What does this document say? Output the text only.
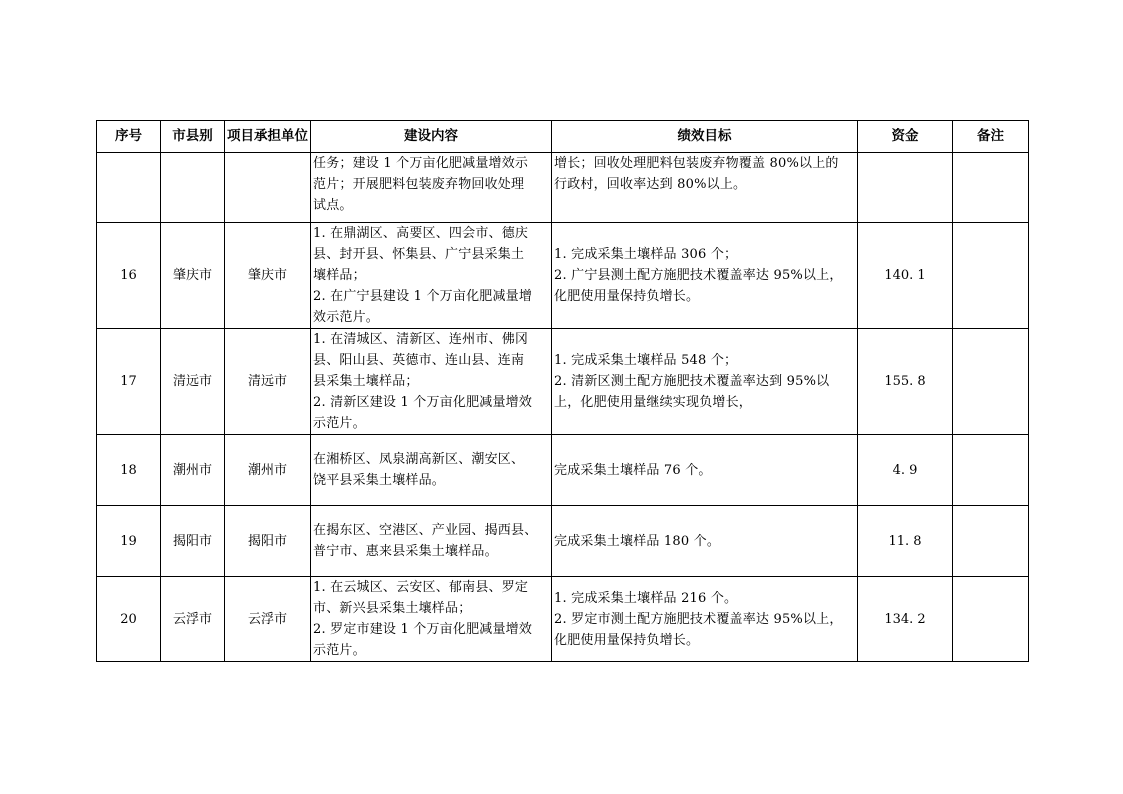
序号	市县别	项目承担单位	建设内容	绩效目标	资金	备注
			任务；建设 1 个万亩化肥减量增效示
范片；开展肥料包装废弃物回收处理
试点。	增长；回收处理肥料包装废弃物覆盖 80%以上的
行政村，回收率达到 80%以上。		
16	肇庆市	肇庆市	1. 在鼎湖区、高要区、四会市、德庆
县、封开县、怀集县、广宁县采集土
壤样品；
2. 在广宁县建设 1 个万亩化肥减量增
效示范片。	1. 完成采集土壤样品 306 个；
2. 广宁县测土配方施肥技术覆盖率达 95%以上，
化肥使用量保持负增长。	140. 1	
17	清远市	清远市	1. 在清城区、清新区、连州市、佛冈
县、阳山县、英德市、连山县、连南
县采集土壤样品；
2. 清新区建设 1 个万亩化肥减量增效
示范片。	1. 完成采集土壤样品 548 个；
2. 清新区测土配方施肥技术覆盖率达到 95%以
上，化肥使用量继续实现负增长，	155. 8	
18	潮州市	潮州市	在湘桥区、凤泉湖高新区、潮安区、
饶平县采集土壤样品。	完成采集土壤样品 76 个。	4. 9	
19	揭阳市	揭阳市	在揭东区、空港区、产业园、揭西县、
普宁市、惠来县采集土壤样品。	完成采集土壤样品 180 个。	11. 8	
20	云浮市	云浮市	1. 在云城区、云安区、郁南县、罗定
市、新兴县采集土壤样品；
2. 罗定市建设 1 个万亩化肥减量增效
示范片。	1. 完成采集土壤样品 216 个。
2. 罗定市测土配方施肥技术覆盖率达 95%以上，
化肥使用量保持负增长。	134. 2	
